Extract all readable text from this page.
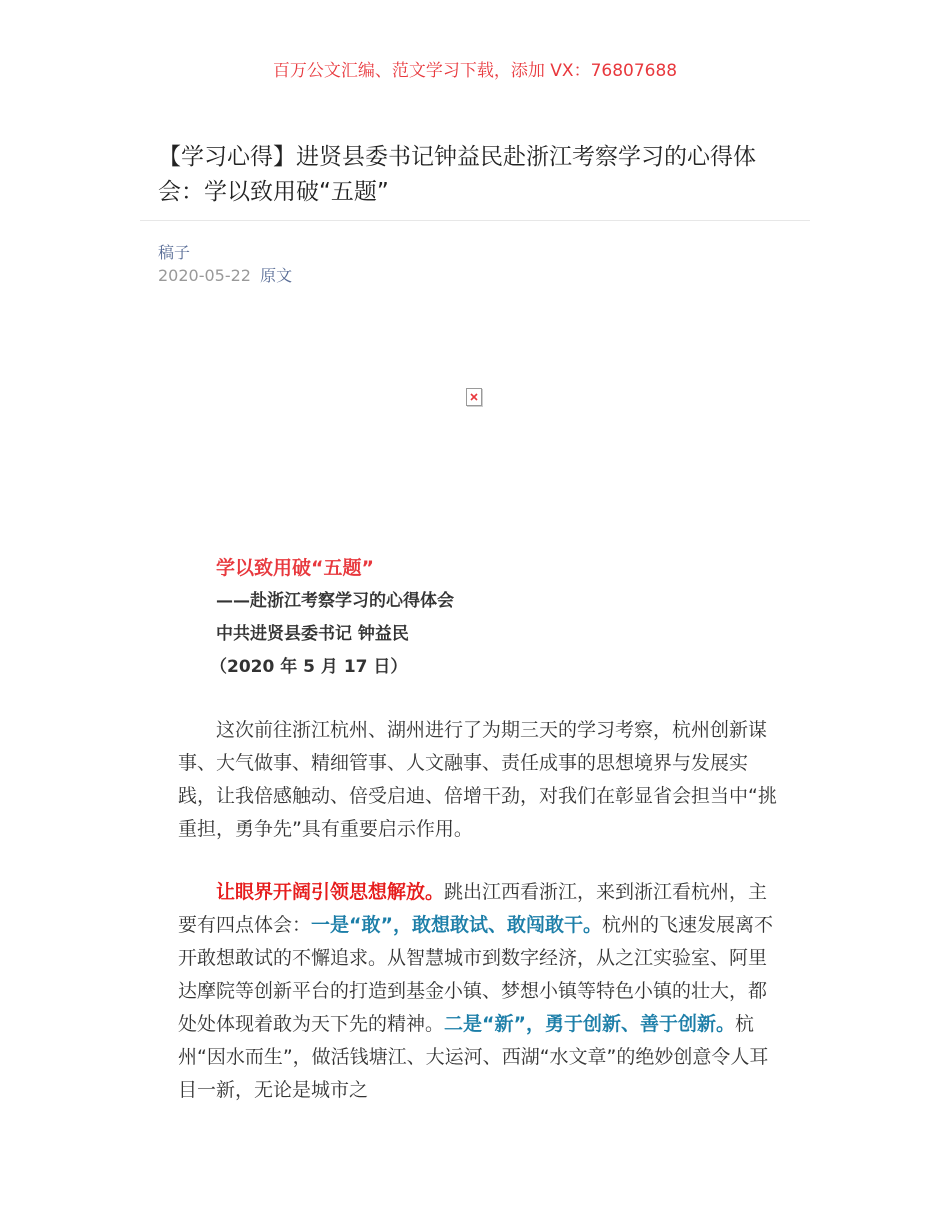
百万公文汇编、范文学习下载，添加 VX：76807688
【学习心得】进贤县委书记钟益民赴浙江考察学习的心得体会：学以致用破“五题”
稿子
2020-05-22 原文
学以致用破“五题”
——赴浙江考察学习的心得体会
中共进贤县委书记 钟益民
（2020 年 5 月 17 日）

这次前往浙江杭州、湖州进行了为期三天的学习考察，杭州创新谋事、大气做事、精细管事、人文融事、责任成事的思想境界与发展实践，让我倍感触动、倍受启迪、倍增干劲，对我们在彰显省会担当中“挑重担，勇争先”具有重要启示作用。

让眼界开阔引领思想解放。跳出江西看浙江，来到浙江看杭州，主要有四点体会：一是“敢”，敢想敢试、敢闯敢干。杭州的飞速发展离不开敢想敢试的不懈追求。从智慧城市到数字经济，从之江实验室、阿里达摩院等创新平台的打造到基金小镇、梦想小镇等特色小镇的壮大，都处处体现着敢为天下先的精神。二是“新”，勇于创新、善于创新。杭州“因水而生”，做活钱塘江、大运河、西湖“水文章”的绝妙创意令人耳目一新，无论是城市之
